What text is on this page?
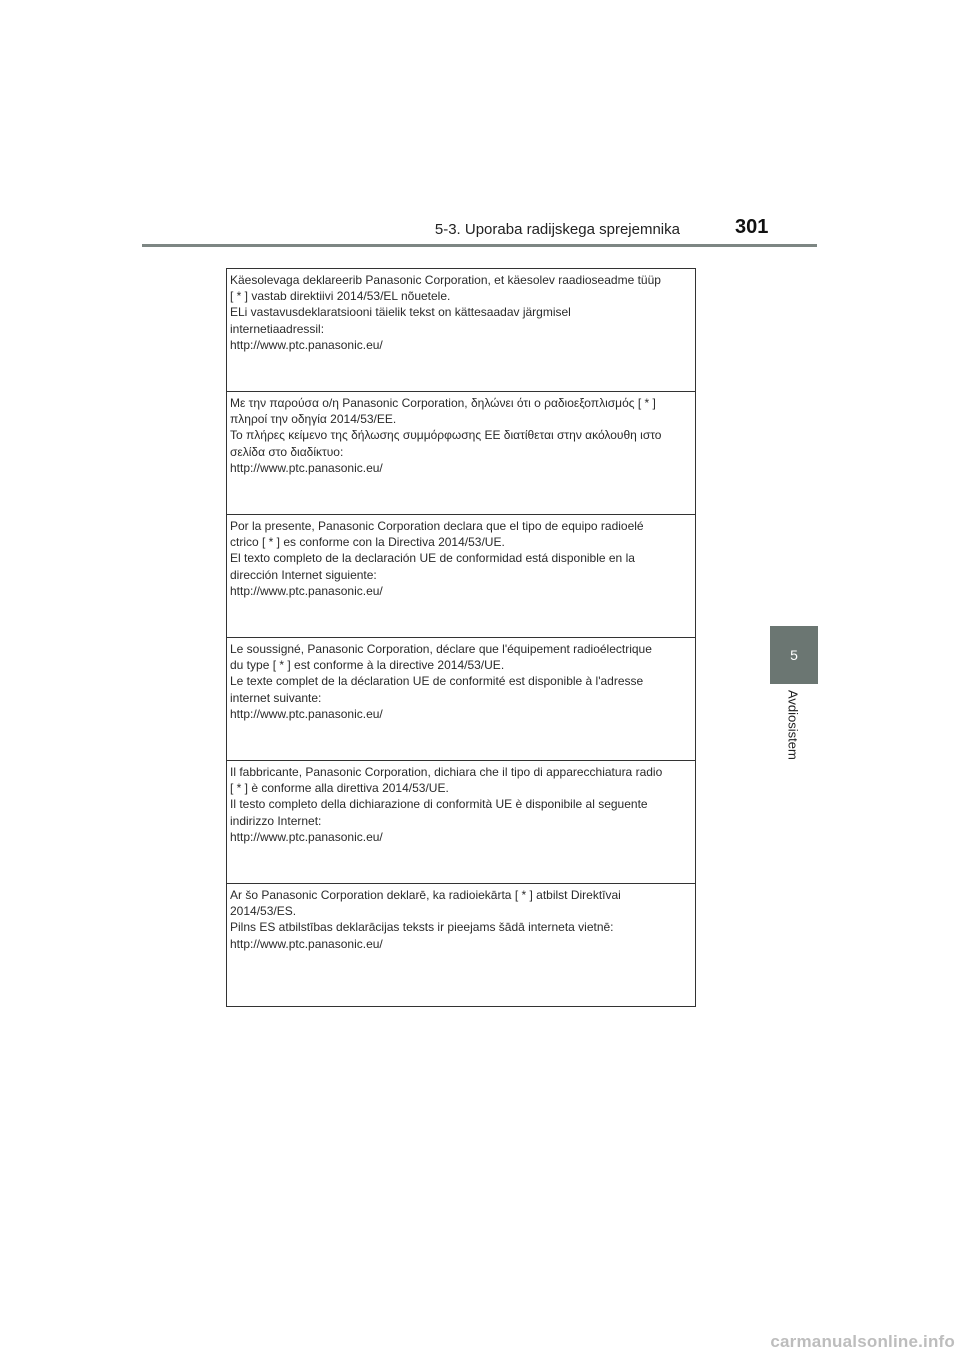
5-3. Uporaba radijskega sprejemnika	301
5
Avdiosistem
Käesolevaga deklareerib Panasonic Corporation, et käesolev raadioseadme tüüp
[ * ] vastab direktiivi 2014/53/EL nõuetele.
ELi vastavusdeklaratsiooni täielik tekst on kättesaadav järgmisel
internetiaadressil:
http://www.ptc.panasonic.eu/

Με την παρούσα ο/η Panasonic Corporation, δηλώνει ότι ο ραδιοεξοπλισμός [ * ]
πληροί την οδηγία 2014/53/ΕΕ.
Το πλήρες κείμενο της δήλωσης συμμόρφωσης ΕΕ διατίθεται στην ακόλουθη ιστο
σελίδα στο διαδίκτυο:
http://www.ptc.panasonic.eu/

Por la presente, Panasonic Corporation declara que el tipo de equipo radioelé
ctrico [ * ] es conforme con la Directiva 2014/53/UE.
El texto completo de la declaración UE de conformidad está disponible en la
dirección Internet siguiente:
http://www.ptc.panasonic.eu/

Le soussigné, Panasonic Corporation, déclare que l'équipement radioélectrique
du type [ * ] est conforme à la directive 2014/53/UE.
Le texte complet de la déclaration UE de conformité est disponible à l'adresse
internet suivante:
http://www.ptc.panasonic.eu/

Il fabbricante, Panasonic Corporation, dichiara che il tipo di apparecchiatura radio
[ * ] è conforme alla direttiva 2014/53/UE.
Il testo completo della dichiarazione di conformità UE è disponibile al seguente
indirizzo Internet:
http://www.ptc.panasonic.eu/

Ar šo Panasonic Corporation deklarē, ka radioiekārta [ * ] atbilst Direktīvai
2014/53/ES.
Pilns ES atbilstības deklarācijas teksts ir pieejams šādā interneta vietnē:
http://www.ptc.panasonic.eu/
carmanualsonline.info
